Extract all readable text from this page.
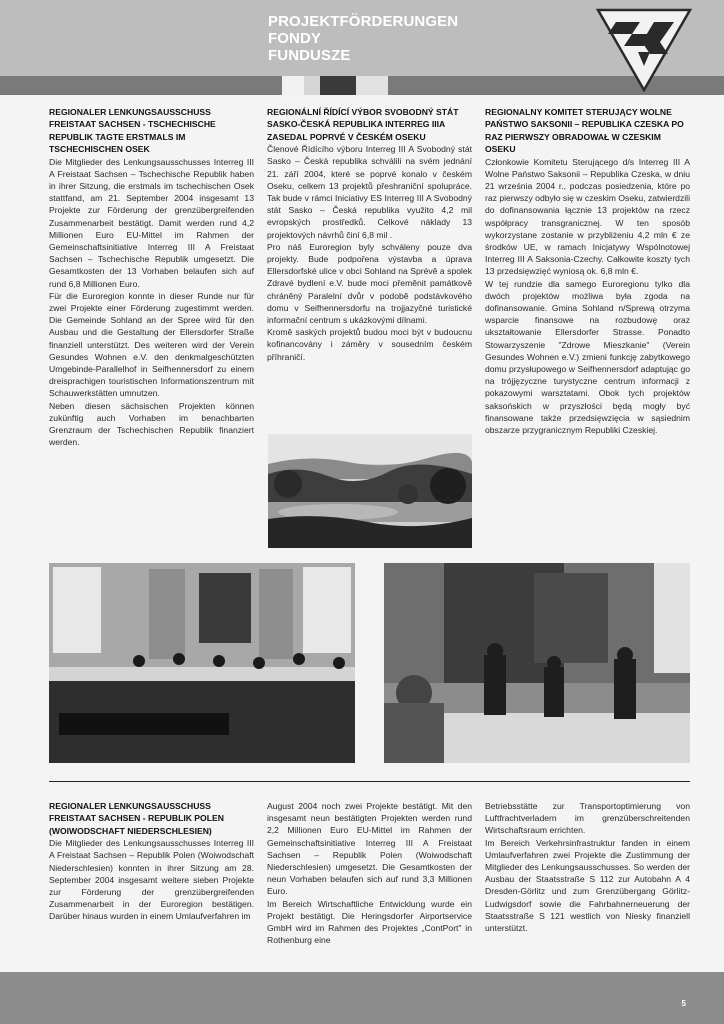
PROJEKTFÖRDERUNGEN
FONDY
FUNDUSZE
REGIONALER LENKUNGSAUSSCHUSS FREISTAAT SACHSEN - TSCHECHISCHE REPUBLIK TAGTE ERSTMALS IM TSCHECHISCHEN OSEK

Die Mitglieder des Lenkungsausschusses Interreg III A Freistaat Sachsen – Tschechische Republik haben in ihrer Sitzung, die erstmals im tschechischen Osek stattfand, am 21. September 2004 insgesamt 13 Projekte zur Förderung der grenzübergreifenden Zusammenarbeit bestätigt. Damit werden rund 4,2 Millionen Euro EU-Mittel im Rahmen der Gemeinschaftsinitiative Interreg III A Freistaat Sachsen – Tschechische Republik umgesetzt. Die Gesamtkosten der 13 Vorhaben belaufen sich auf rund 6,8 Millionen Euro.
Für die Euroregion konnte in dieser Runde nur für zwei Projekte einer Förderung zugestimmt werden. Die Gemeinde Sohland an der Spree wird für den Ausbau und die Gestaltung der Ellersdorfer Straße finanziell unterstützt. Des weiteren wird der Verein Gesundes Wohnen e.V. den denkmalgeschützten Umgebinde-Parallelhof in Seifhennersdorf zu einem dreisprachigen touristischen Informationszentrum mit Schauwerkstätten umnutzen.
Neben diesen sächsischen Projekten können zukünftig auch Vorhaben im benachbarten Grenzraum der Tschechischen Republik finanziert werden.

REGIONÁLNÍ ŘÍDÍCÍ VÝBOR SVOBODNÝ STÁT SASKO-ČESKÁ REPUBLIKA INTERREG IIIA ZASEDAL POPRVÉ V ČESKÉM OSEKU

Členové Řídícího výboru Interreg III A Svobodný stát Sasko – Česká republika schválili na svém jednání 21. září 2004, které se poprvé konalo v českém Oseku, celkem 13 projektů přeshraniční spolupráce. Tak bude v rámci Iniciativy ES Interreg III A Svobodný stát Sasko – Česká republika využito 4,2 mil evropských prostředků. Celkové náklady 13 projektových návrhů činí 6,8 mil .
Pro náš Euroregion byly schváleny pouze dva projekty. Bude podpořena výstavba a úprava Ellersdorfské ulice v obci Sohland na Sprévě a spolek Zdravé bydlení e.V. bude moci přeměnit památkově chráněný Paralelní dvůr v podobě podstávkového domu v Seifhennersdorfu na trojjazyčné turistické informační centrum s ukázkovými dílnami.
Kromě saských projektů budou moci být v budoucnu kofinancovány i záměry v sousedním českém příhraničí.

REGIONALNY KOMITET STERUJĄCY WOLNE PAŃSTWO SAKSONII – REPUBLIKA CZESKA PO RAZ PIERWSZY OBRADOWAŁ W CZESKIM OSEKU

Członkowie Komitetu Sterującego d/s Interreg III A Wolne Państwo Saksonii – Republika Czeska, w dniu 21 września 2004 r., podczas posiedzenia, które po raz pierwszy odbyło się w czeskim Oseku, zatwierdzili do dofinansowania łącznie 13 projektów na rzecz współpracy transgranicznej. W ten sposób wykorzystane zostanie w przybliżeniu 4,2 mln € ze środków UE, w ramach Inicjatywy Wspólnotowej Interreg III A Saksonia-Czechy. Całkowite koszty tych 13 przedsięwzięć wyniosą ok. 6,8 mln €.
W tej rundzie dla samego Euroregionu tylko dla dwóch projektów możliwa była zgoda na dofinansowanie. Gmina Sohland n/Sprewą otrzyma wsparcie finansowe na rozbudowę oraz ukształtowanie Ellersdorfer Strasse. Ponadto Stowarzyszenie "Zdrowe Mieszkanie" (Verein Gesundes Wohnen e.V.) zmieni funkcję zabytkowego domu przysłupowego w Seifhennersdorf adaptując go na trójjęzyczne turystyczne centrum informacji z pokazowymi warsztatami. Obok tych projektów saksońskich w przyszłości będą mogły być finansowane także przedsięwzięcia w sąsiednim obszarze przygranicznym Republiki Czeskiej.

REGIONALER LENKUNGSAUSSCHUSS FREISTAAT SACHSEN - REPUBLIK POLEN (WOIWODSCHAFT NIEDERSCHLESIEN)

Die Mitglieder des Lenkungsausschusses Interreg III A Freistaat Sachsen – Republik Polen (Woiwodschaft Niederschlesien) konnten in ihrer Sitzung am 28. September 2004 insgesamt weitere sieben Projekte zur Förderung der grenzübergreifenden Zusammenarbeit in der Euroregion bestätigen. Darüber hinaus wurden in einem Umlaufverfahren im

August 2004 noch zwei Projekte bestätigt. Mit den insgesamt neun bestätigten Projekten werden rund 2,2 Millionen Euro EU-Mittel im Rahmen der Gemeinschaftsinitiative Interreg III A Freistaat Sachsen – Republik Polen (Woiwodschaft Niederschlesien) umgesetzt. Die Gesamtkosten der neun Vorhaben belaufen sich auf rund 3,3 Millionen Euro.
Im Bereich Wirtschaftliche Entwicklung wurde ein Projekt bestätigt. Die Heringsdorfer Airportservice GmbH wird im Rahmen des Projektes „ContPort" in Rothenburg eine

Betriebsstätte zur Transportoptimierung von Luftfrachtverladern im grenzüberschreitenden Wirtschaftsraum errichten.
Im Bereich Verkehrsinfrastruktur fanden in einem Umlaufverfahren zwei Projekte die Zustimmung der Mitglieder des Lenkungsausschusses. So werden der Ausbau der Staatsstraße S 112 zur Autobahn A 4 Dresden-Görlitz und zum Grenzübergang Görlitz-Ludwigsdorf sowie die Fahrbahnerneuerung der Staatsstraße S 121 westlich von Niesky finanziell unterstützt.

5
